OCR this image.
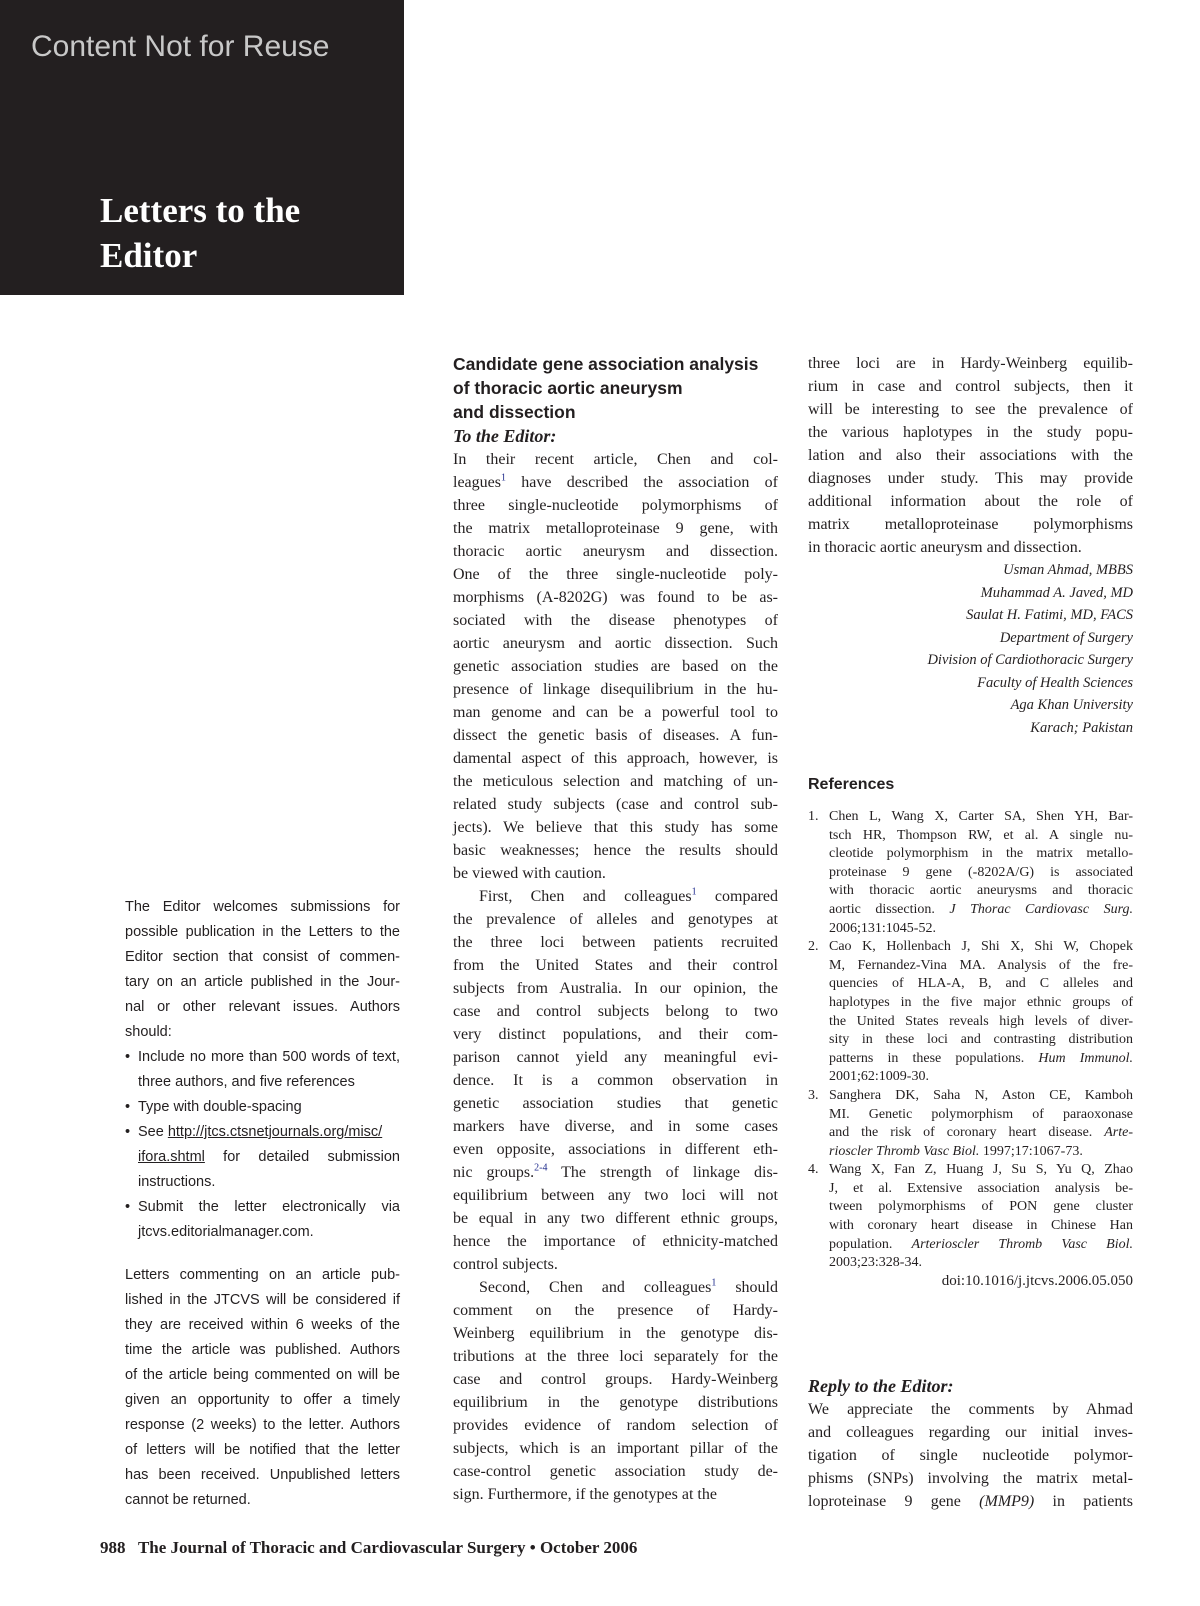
Content Not for Reuse
Letters to the
Editor

The Editor welcomes submissions for
possible publication in the Letters to the
Editor section that consist of commen-
tary on an article published in the Jour-
nal or other relevant issues. Authors
should:

• Include no more than 500 words of text,
three authors, and five references
• Type with double-spacing
• See http://jtcs.ctsnetjournals.org/misc/
ifora.shtml for detailed submission
instructions.
• Submit the letter electronically via
jtcvs.editorialmanager.com.

Letters commenting on an article pub-
lished in the JTCVS will be considered if
they are received within 6 weeks of the
time the article was published. Authors
of the article being commented on will be
given an opportunity to offer a timely
response (2 weeks) to the letter. Authors
of letters will be notified that the letter
has been received. Unpublished letters
cannot be returned.

Candidate gene association analysis
of thoracic aortic aneurysm
and dissection
To the Editor:
In their recent article, Chen and col-
leagues$^1$ have described the association of
three single-nucleotide polymorphisms of
the matrix metalloproteinase 9 gene, with
thoracic aortic aneurysm and dissection.
One of the three single-nucleotide poly-
morphisms (A-8202G) was found to be as-
sociated with the disease phenotypes of
aortic aneurysm and aortic dissection. Such
genetic association studies are based on the
presence of linkage disequilibrium in the hu-
man genome and can be a powerful tool to
dissect the genetic basis of diseases. A fun-
damental aspect of this approach, however, is
the meticulous selection and matching of un-
related study subjects (case and control sub-
jects). We believe that this study has some
basic weaknesses; hence the results should
be viewed with caution.
First, Chen and colleagues$^1$ compared
the prevalence of alleles and genotypes at
the three loci between patients recruited
from the United States and their control
subjects from Australia. In our opinion, the
case and control subjects belong to two
very distinct populations, and their com-
parison cannot yield any meaningful evi-
dence. It is a common observation in
genetic association studies that genetic
markers have diverse, and in some cases
even opposite, associations in different eth-
nic groups.$^{2-4}$ The strength of linkage dis-
equilibrium between any two loci will not
be equal in any two different ethnic groups,
hence the importance of ethnicity-matched
control subjects.
Second, Chen and colleagues$^1$ should
comment on the presence of Hardy-
Weinberg equilibrium in the genotype dis-
tributions at the three loci separately for the
case and control groups. Hardy-Weinberg
equilibrium in the genotype distributions
provides evidence of random selection of
subjects, which is an important pillar of the
case-control genetic association study de-
sign. Furthermore, if the genotypes at the
three loci are in Hardy-Weinberg equilib-
rium in case and control subjects, then it
will be interesting to see the prevalence of
the various haplotypes in the study popu-
lation and also their associations with the
diagnoses under study. This may provide
additional information about the role of
matrix metalloproteinase polymorphisms
in thoracic aortic aneurysm and dissection.
Usman Ahmad, MBBS
Muhammad A. Javed, MD
Saulat H. Fatimi, MD, FACS
Department of Surgery
Division of Cardiothoracic Surgery
Faculty of Health Sciences
Aga Khan University
Karach; Pakistan
References
1. Chen L, Wang X, Carter SA, Shen YH, Bar-
tsch HR, Thompson RW, et al. A single nu-
cleotide polymorphism in the matrix metallo-
proteinase 9 gene (-8202A/G) is associated
with thoracic aortic aneurysms and thoracic
aortic dissection. J Thorac Cardiovasc Surg.
2006;131:1045-52.
2. Cao K, Hollenbach J, Shi X, Shi W, Chopek
M, Fernandez-Vina MA. Analysis of the fre-
quencies of HLA-A, B, and C alleles and
haplotypes in the five major ethnic groups of
the United States reveals high levels of diver-
sity in these loci and contrasting distribution
patterns in these populations. Hum Immunol.
2001;62:1009-30.
3. Sanghera DK, Saha N, Aston CE, Kamboh
MI. Genetic polymorphism of paraoxonase
and the risk of coronary heart disease. Arte-
rioscler Thromb Vasc Biol. 1997;17:1067-73.
4. Wang X, Fan Z, Huang J, Su S, Yu Q, Zhao
J, et al. Extensive association analysis be-
tween polymorphisms of PON gene cluster
with coronary heart disease in Chinese Han
population. Arterioscler Thromb Vasc Biol.
2003;23:328-34.
doi:10.1016/j.jtcvs.2006.05.050
Reply to the Editor:
We appreciate the comments by Ahmad
and colleagues regarding our initial inves-
tigation of single nucleotide polymor-
phisms (SNPs) involving the matrix metal-
loproteinase 9 gene (MMP9) in patients
988   The Journal of Thoracic and Cardiovascular Surgery • October 2006
